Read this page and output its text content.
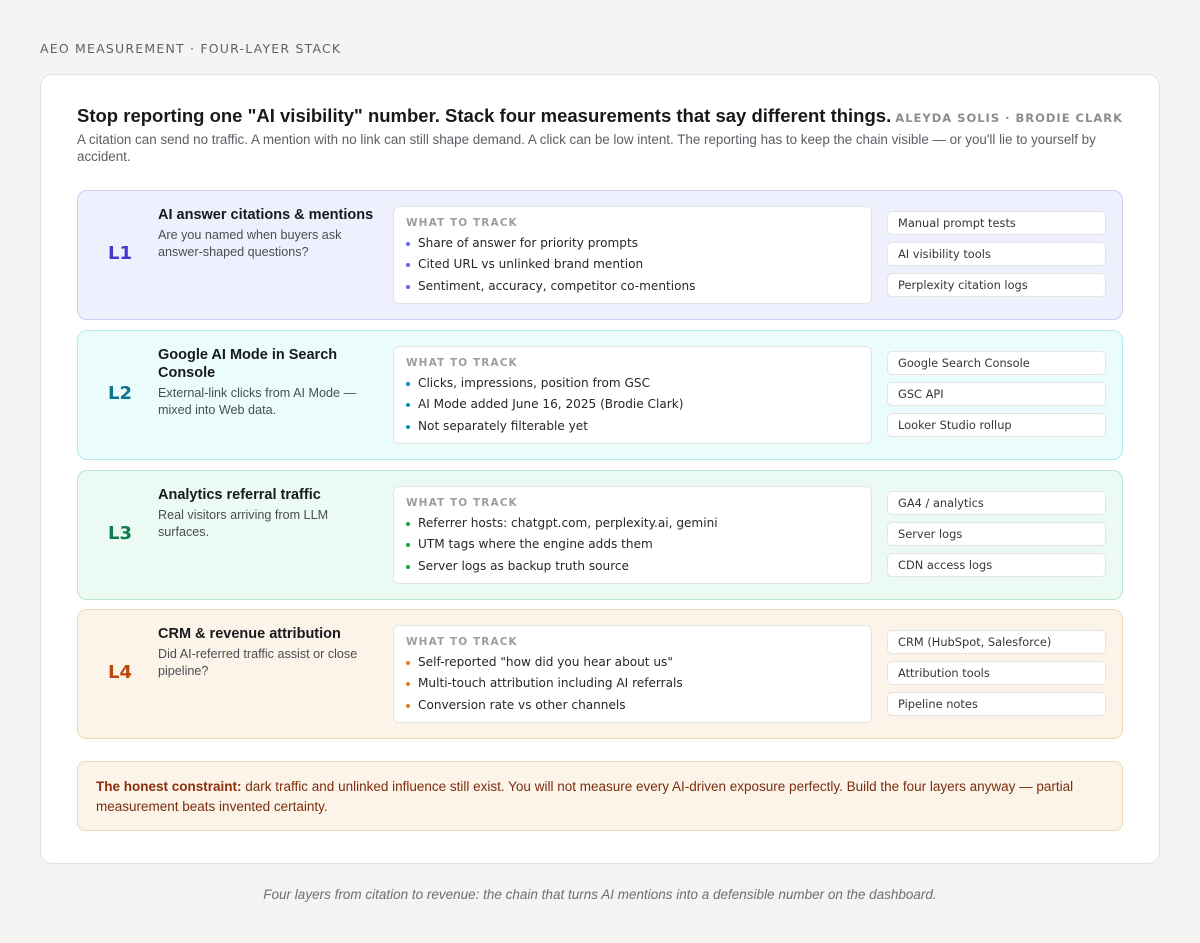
AEO MEASUREMENT · FOUR-LAYER STACK
Stop reporting one "AI visibility" number. Stack four measurements that say different things. ALEYDA SOLIS · BRODIE CLARK
A citation can send no traffic. A mention with no link can still shape demand. A click can be low intent. The reporting has to keep the chain visible — or you'll lie to yourself by accident.
L1
AI answer citations & mentions
Are you named when buyers ask answer-shaped questions?
WHAT TO TRACK
Share of answer for priority prompts
Cited URL vs unlinked brand mention
Sentiment, accuracy, competitor co-mentions
Manual prompt tests
AI visibility tools
Perplexity citation logs
L2
Google AI Mode in Search Console
External-link clicks from AI Mode — mixed into Web data.
WHAT TO TRACK
Clicks, impressions, position from GSC
AI Mode added June 16, 2025 (Brodie Clark)
Not separately filterable yet
Google Search Console
GSC API
Looker Studio rollup
L3
Analytics referral traffic
Real visitors arriving from LLM surfaces.
WHAT TO TRACK
Referrer hosts: chatgpt.com, perplexity.ai, gemini
UTM tags where the engine adds them
Server logs as backup truth source
GA4 / analytics
Server logs
CDN access logs
L4
CRM & revenue attribution
Did AI-referred traffic assist or close pipeline?
WHAT TO TRACK
Self-reported "how did you hear about us"
Multi-touch attribution including AI referrals
Conversion rate vs other channels
CRM (HubSpot, Salesforce)
Attribution tools
Pipeline notes
The honest constraint: dark traffic and unlinked influence still exist. You will not measure every AI-driven exposure perfectly. Build the four layers anyway — partial measurement beats invented certainty.
Four layers from citation to revenue: the chain that turns AI mentions into a defensible number on the dashboard.
